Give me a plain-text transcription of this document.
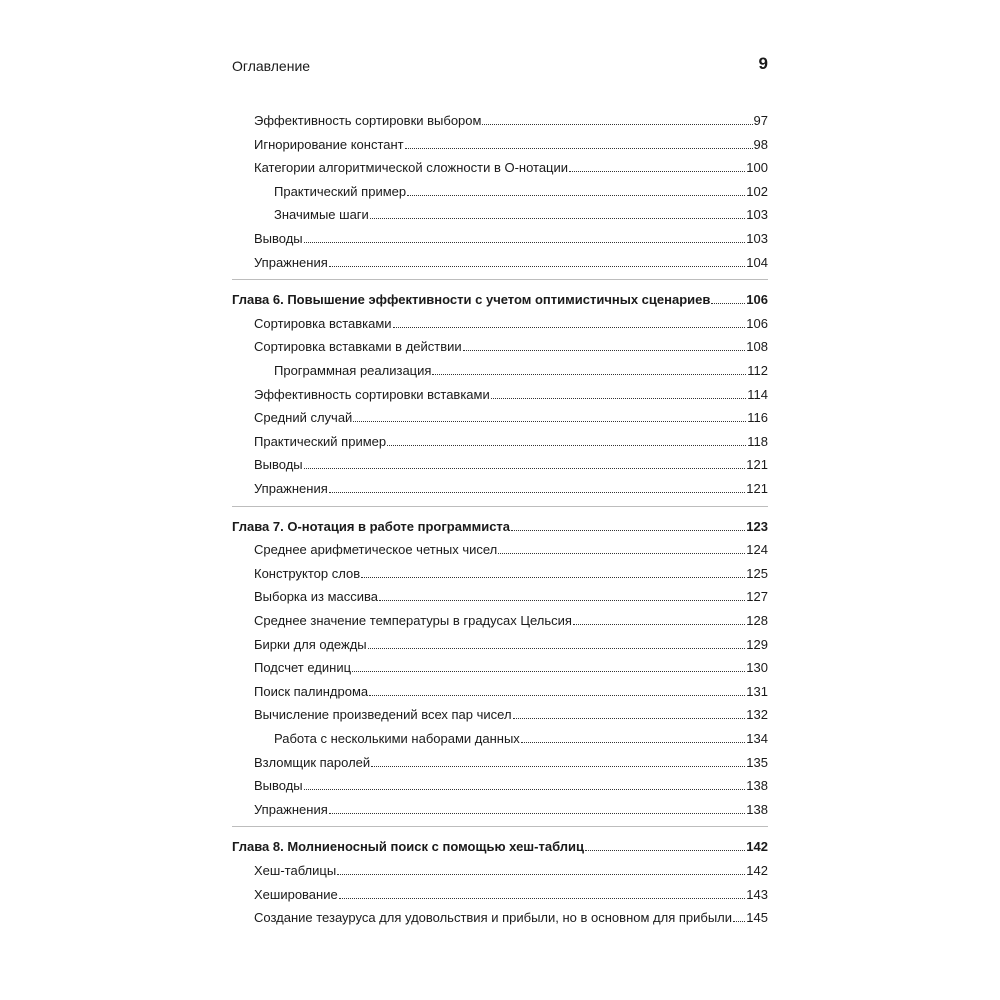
Оглавление	9
Эффективность сортировки выбором	97
Игнорирование констант	98
Категории алгоритмической сложности в О-нотации	100
Практический пример	102
Значимые шаги	103
Выводы	103
Упражнения	104
Глава 6. Повышение эффективности с учетом оптимистичных сценариев	106
Сортировка вставками	106
Сортировка вставками в действии	108
Программная реализация	112
Эффективность сортировки вставками	114
Средний случай	116
Практический пример	118
Выводы	121
Упражнения	121
Глава 7. О-нотация в работе программиста	123
Среднее арифметическое четных чисел	124
Конструктор слов	125
Выборка из массива	127
Среднее значение температуры в градусах Цельсия	128
Бирки для одежды	129
Подсчет единиц	130
Поиск палиндрома	131
Вычисление произведений всех пар чисел	132
Работа с несколькими наборами данных	134
Взломщик паролей	135
Выводы	138
Упражнения	138
Глава 8. Молниеносный поиск с помощью хеш-таблиц	142
Хеш-таблицы	142
Хеширование	143
Создание тезауруса для удовольствия и прибыли, но в основном для прибыли 145
